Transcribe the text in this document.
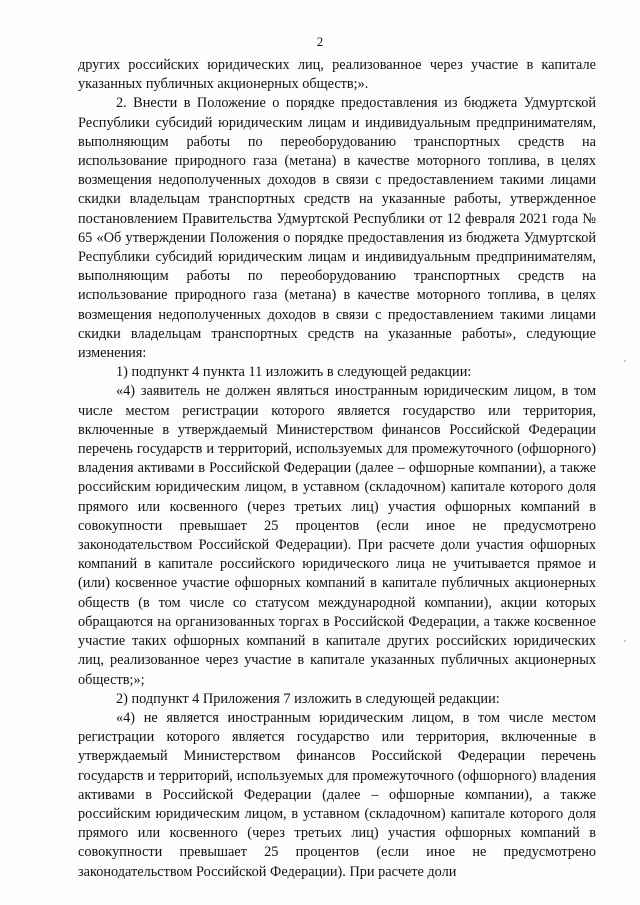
2

других российских юридических лиц, реализованное через участие в капитале указанных публичных акционерных обществ;».

2. Внести в Положение о порядке предоставления из бюджета Удмуртской Республики субсидий юридическим лицам и индивидуальным предпринимателям, выполняющим работы по переоборудованию транспортных средств на использование природного газа (метана) в качестве моторного топлива, в целях возмещения недополученных доходов в связи с предоставлением такими лицами скидки владельцам транспортных средств на указанные работы, утвержденное постановлением Правительства Удмуртской Республики от 12 февраля 2021 года № 65 «Об утверждении Положения о порядке предоставления из бюджета Удмуртской Республики субсидий юридическим лицам и индивидуальным предпринимателям, выполняющим работы по переоборудованию транспортных средств на использование природного газа (метана) в качестве моторного топлива, в целях возмещения недополученных доходов в связи с предоставлением такими лицами скидки владельцам транспортных средств на указанные работы», следующие изменения:

1) подпункт 4 пункта 11 изложить в следующей редакции:

«4) заявитель не должен являться иностранным юридическим лицом, в том числе местом регистрации которого является государство или территория, включенные в утверждаемый Министерством финансов Российской Федерации перечень государств и территорий, используемых для промежуточного (офшорного) владения активами в Российской Федерации (далее – офшорные компании), а также российским юридическим лицом, в уставном (складочном) капитале которого доля прямого или косвенного (через третьих лиц) участия офшорных компаний в совокупности превышает 25 процентов (если иное не предусмотрено законодательством Российской Федерации). При расчете доли участия офшорных компаний в капитале российского юридического лица не учитывается прямое и (или) косвенное участие офшорных компаний в капитале публичных акционерных обществ (в том числе со статусом международной компании), акции которых обращаются на организованных торгах в Российской Федерации, а также косвенное участие таких офшорных компаний в капитале других российских юридических лиц, реализованное через участие в капитале указанных публичных акционерных обществ;»;

2) подпункт 4 Приложения 7 изложить в следующей редакции:

«4) не является иностранным юридическим лицом, в том числе местом регистрации которого является государство или территория, включенные в утверждаемый Министерством финансов Российской Федерации перечень государств и территорий, используемых для промежуточного (офшорного) владения активами в Российской Федерации (далее – офшорные компании), а также российским юридическим лицом, в уставном (складочном) капитале которого доля прямого или косвенного (через третьих лиц) участия офшорных компаний в совокупности превышает 25 процентов (если иное не предусмотрено законодательством Российской Федерации). При расчете доли
